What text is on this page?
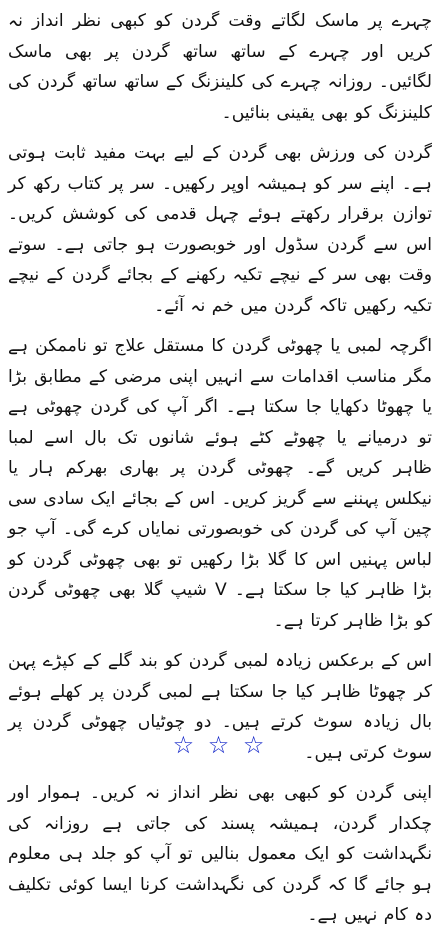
چہرے پر ماسک لگاتے وقت گردن کو کبھی نظر انداز نہ کریں اور چہرے کے ساتھ ساتھ گردن پر بھی ماسک لگائیں۔ روزانہ چہرے کی کلینزنگ کے ساتھ ساتھ گردن کی کلینزنگ کو بھی یقینی بنائیں۔

گردن کی ورزش بھی گردن کے لیے بہت مفید ثابت ہوتی ہے۔ اپنے سر کو ہمیشہ اوپر رکھیں۔ سر پر کتاب رکھ کر توازن برقرار رکھتے ہوئے چہل قدمی کی کوشش کریں۔ اس سے گردن سڈول اور خوبصورت ہو جاتی ہے۔ سوتے وقت بھی سر کے نیچے تکیہ رکھنے کے بجائے گردن کے نیچے تکیہ رکھیں تاکہ گردن میں خم نہ آئے۔

اگرچہ لمبی یا چھوٹی گردن کا مستقل علاج تو ناممکن ہے مگر مناسب اقدامات سے انہیں اپنی مرضی کے مطابق بڑا یا چھوٹا دکھایا جا سکتا ہے۔ اگر آپ کی گردن چھوٹی ہے تو درمیانے یا چھوٹے کٹے ہوئے شانوں تک بال اسے لمبا ظاہر کریں گے۔ چھوٹی گردن پر بھاری بھرکم ہار یا نیکلس پہننے سے گریز کریں۔ اس کے بجائے ایک سادی سی چین آپ کی گردن کی خوبصورتی نمایاں کرے گی۔ آپ جو لباس پہنیں اس کا گلا بڑا رکھیں تو بھی چھوٹی گردن کو بڑا ظاہر کیا جا سکتا ہے۔ V شیپ گلا بھی چھوٹی گردن کو بڑا ظاہر کرتا ہے۔

اس کے برعکس زیادہ لمبی گردن کو بند گلے کے کپڑے پہن کر چھوٹا ظاہر کیا جا سکتا ہے لمبی گردن پر کھلے ہوئے بال زیادہ سوٹ کرتے ہیں۔ دو چوٹیاں چھوٹی گردن پر سوٹ کرتی ہیں۔

اپنی گردن کو کبھی بھی نظر انداز نہ کریں۔ ہموار اور چکدار گردن، ہمیشہ پسند کی جاتی ہے روزانہ کی نگہداشت کو ایک معمول بنالیں تو آپ کو جلد ہی معلوم ہو جائے گا کہ گردن کی نگہداشت کرنا ایسا کوئی تکلیف دہ کام نہیں ہے۔

☆ ☆ ☆
